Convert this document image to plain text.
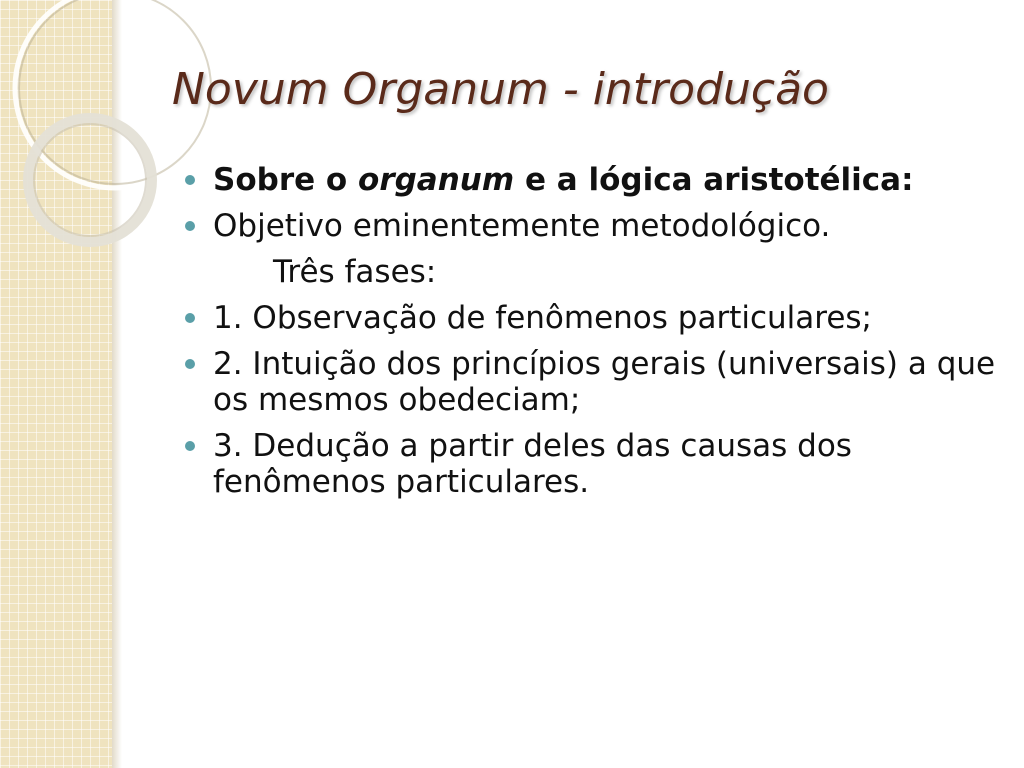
Novum Organum - introdução
Sobre o organum e a lógica aristotélica:
Objetivo eminentemente metodológico.
Três fases:
1. Observação de fenômenos particulares;
2. Intuição dos princípios gerais (universais) a que os mesmos obedeciam;
3. Dedução a partir deles das causas dos fenômenos particulares.
